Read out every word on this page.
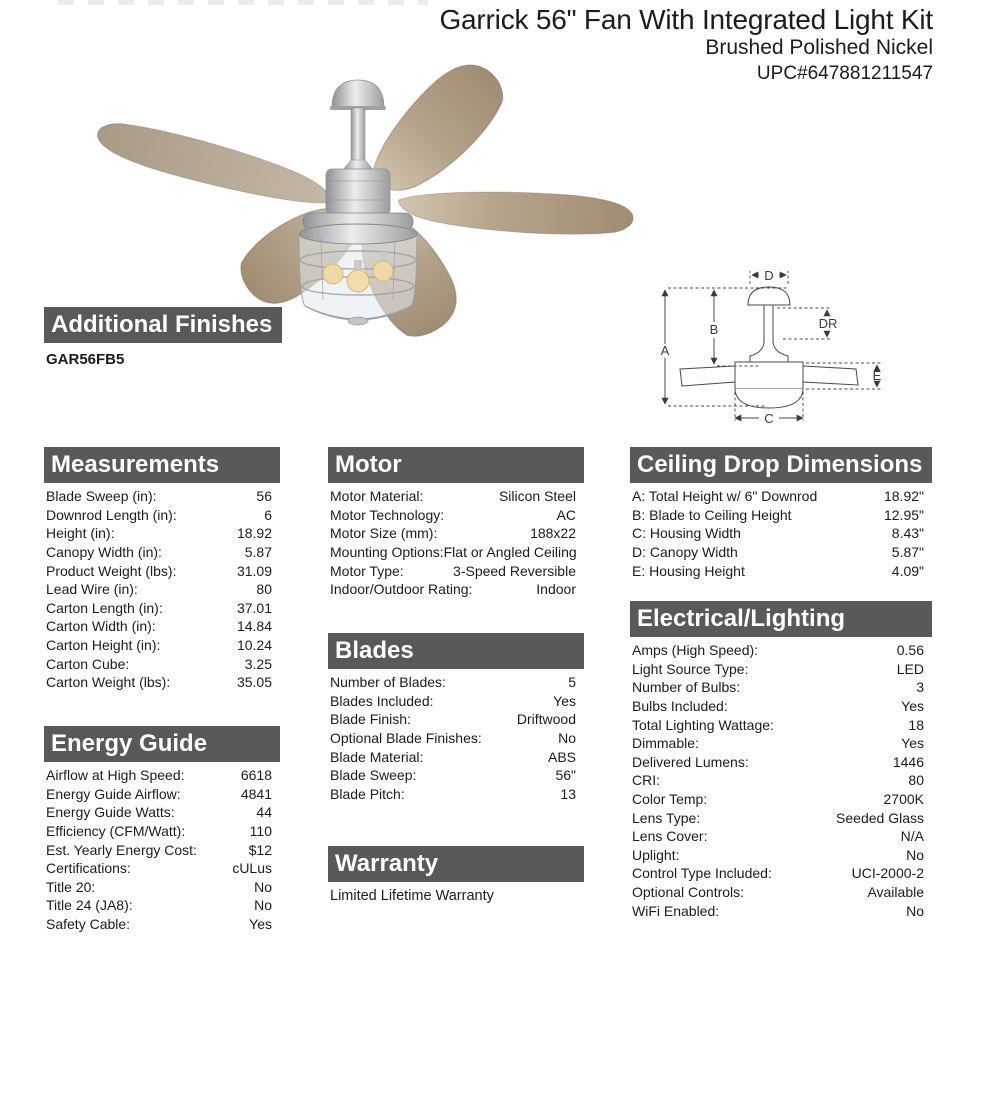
Garrick 56" Fan With Integrated Light Kit
Brushed Polished Nickel
UPC#647881211547
D
A
B	DR
E
C
Additional Finishes
GAR56FB5
Measurements
Blade Sweep (in):	56
Downrod Length (in):	6
Height (in):	18.92
Canopy Width (in):	5.87
Product Weight (lbs):	31.09
Lead Wire (in):	80
Carton Length (in):	37.01
Carton Width (in):	14.84
Carton Height (in):	10.24
Carton Cube:	3.25
Carton Weight (lbs):	35.05
Energy Guide
Airflow at High Speed:	6618
Energy Guide Airflow:	4841
Energy Guide Watts:	44
Efficiency (CFM/Watt):	110
Est. Yearly Energy Cost:	$12
Certifications:	cULus
Title 20:	No
Title 24 (JA8):	No
Safety Cable:	Yes
Motor
Motor Material:	Silicon Steel
Motor Technology:	AC
Motor Size (mm):	188x22
Mounting Options: Flat or Angled Ceiling
Motor Type:	3-Speed Reversible
Indoor/Outdoor Rating:	Indoor
Blades
Number of Blades:	5
Blades Included:	Yes
Blade Finish:	Driftwood
Optional Blade Finishes:	No
Blade Material:	ABS
Blade Sweep:	56"
Blade Pitch:	13
Warranty
Limited Lifetime Warranty
Ceiling Drop Dimensions
A: Total Height w/ 6" Downrod	18.92"
B: Blade to Ceiling Height	12.95"
C: Housing Width	8.43"
D: Canopy Width	5.87"
E: Housing Height	4.09"
Electrical/Lighting
Amps (High Speed):	0.56
Light Source Type:	LED
Number of Bulbs:	3
Bulbs Included:	Yes
Total Lighting Wattage:	18
Dimmable:	Yes
Delivered Lumens:	1446
CRI:	80
Color Temp:	2700K
Lens Type:	Seeded Glass
Lens Cover:	N/A
Uplight:	No
Control Type Included:	UCI-2000-2
Optional Controls:	Available
WiFi Enabled:	No
